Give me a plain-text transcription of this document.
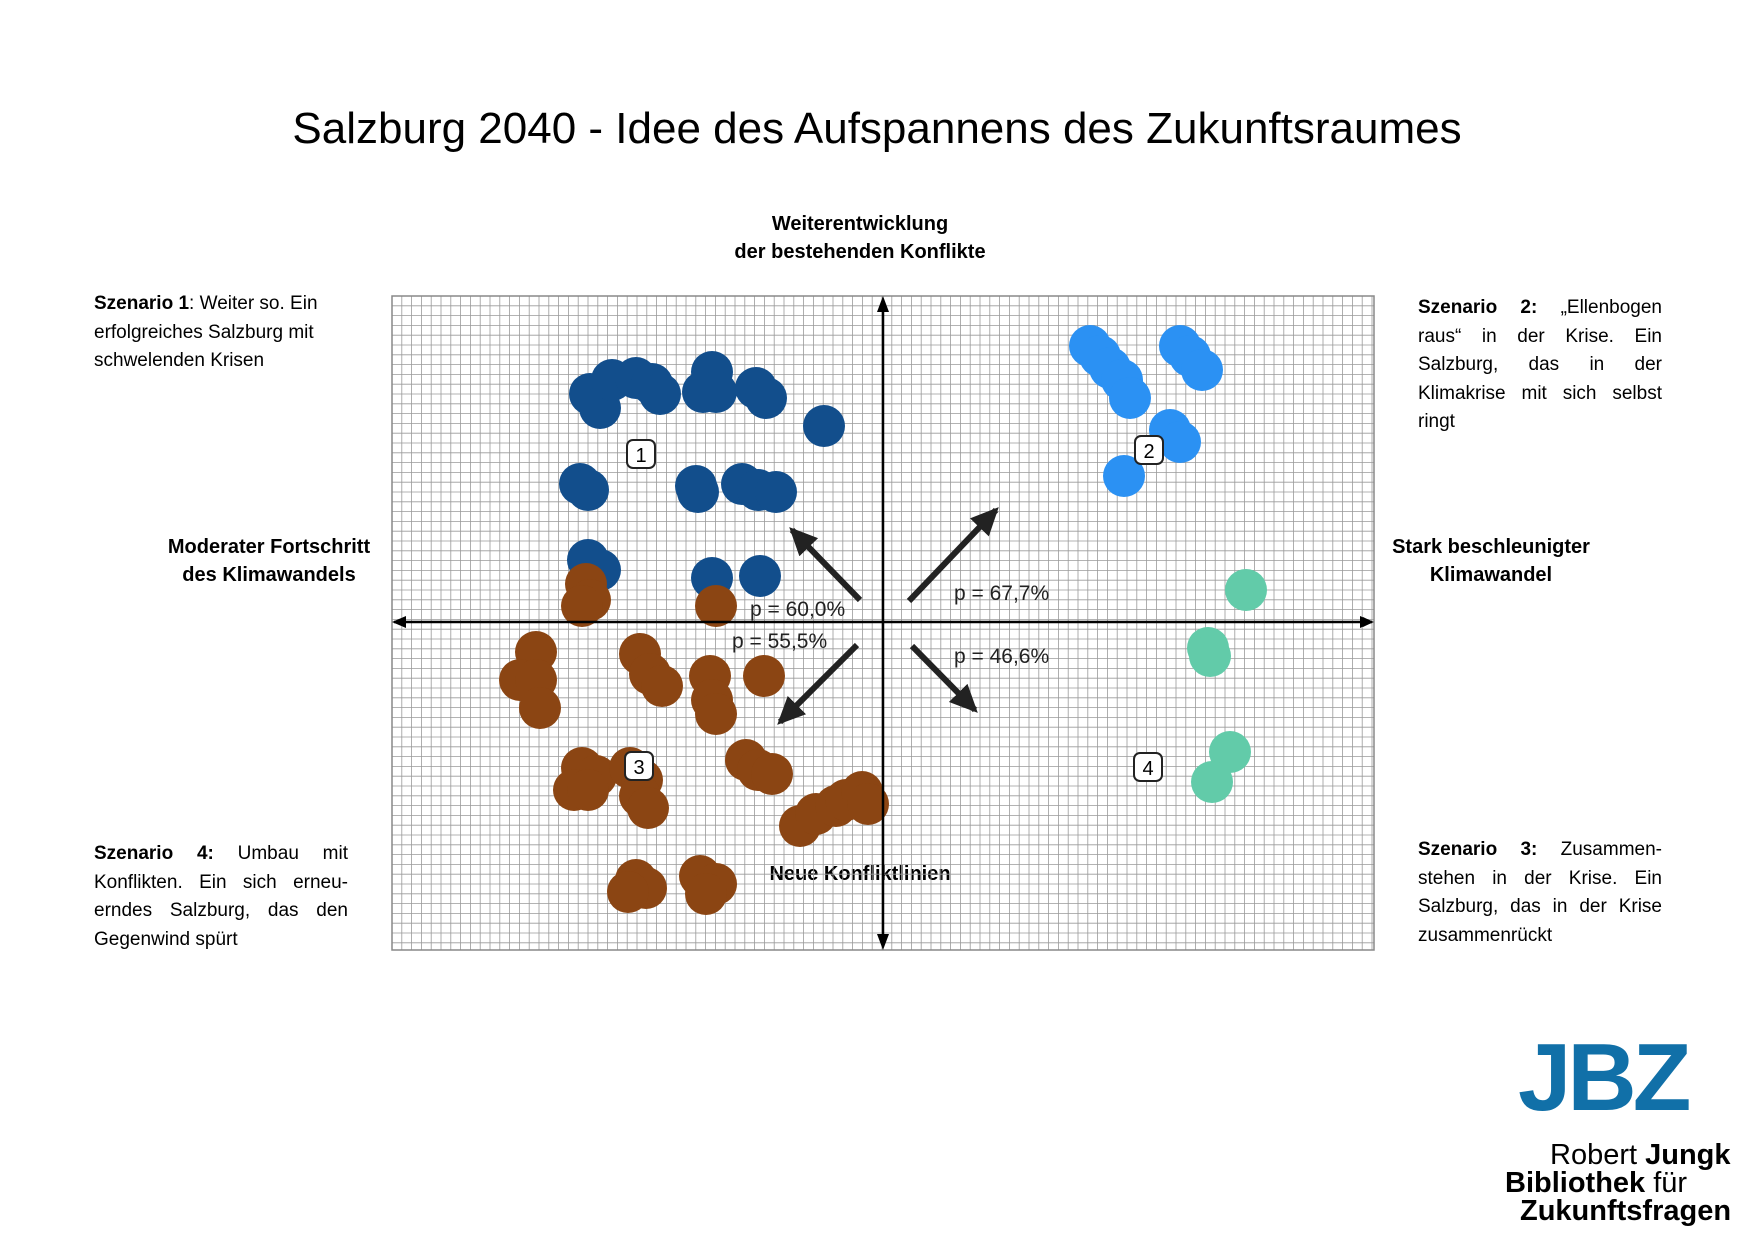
Salzburg 2040 - Idee des Aufspannens des Zukunftsraumes
Weiterentwicklung
der bestehenden Konflikte
Neue Konfliktlinien
Moderater Fortschritt
des Klimawandels
Stark beschleunigter
Klimawandel
Szenario 1: Weiter so. Ein erfolgreiches Salzburg mit schwelenden Krisen
Szenario 2: „Ellenbogen raus“ in der Krise. Ein Salzburg, das in der Klimakrise mit sich selbst ringt
Szenario 4: Umbau mit Konflikten. Ein sich erneu-erndes Salzburg, das den Gegenwind spürt
Szenario 3: Zusammen-stehen in der Krise. Ein Salzburg, das in der Krise zusammenrückt
p = 60,0%
p = 67,7%
p = 55,5%
p = 46,6%
1	2
3	4
JBZ
Robert Jungk
Bibliothek für
Zukunftsfragen
